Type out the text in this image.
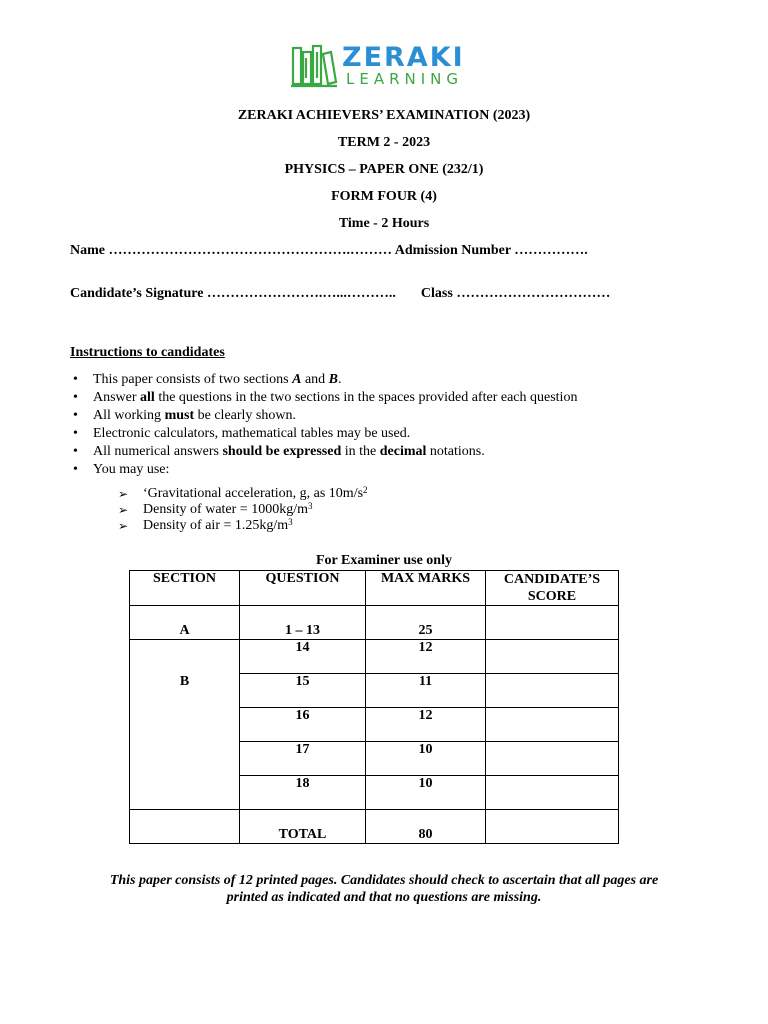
ZERAKI
LEARNING
ZERAKI ACHIEVERS’ EXAMINATION (2023)
TERM 2 - 2023
PHYSICS – PAPER ONE (232/1)
FORM FOUR (4)
Time - 2 Hours
Name …………………………………………….……… Admission Number …………….
Candidate’s Signature …………………….…...……….. Class ……………………………
Instructions to candidates
• This paper consists of two sections A and B.
• Answer all the questions in the two sections in the spaces provided after each question
• All working must be clearly shown.
• Electronic calculators, mathematical tables may be used.
• All numerical answers should be expressed in the decimal notations.
• You may use:
➢ ‘Gravitational acceleration, g, as $10m/s^2$
➢ Density of water = $1000kg/m^3$
➢ Density of air = $1.25kg/m^3$
For Examiner use only
SECTION	QUESTION	MAX MARKS	CANDIDATE’S SCORE
A	1 – 13	25	
B	14	12	
	15	11	
	16	12	
	17	10	
	18	10	
	TOTAL	80	
This paper consists of 12 printed pages. Candidates should check to ascertain that all pages are
printed as indicated and that no questions are missing.
